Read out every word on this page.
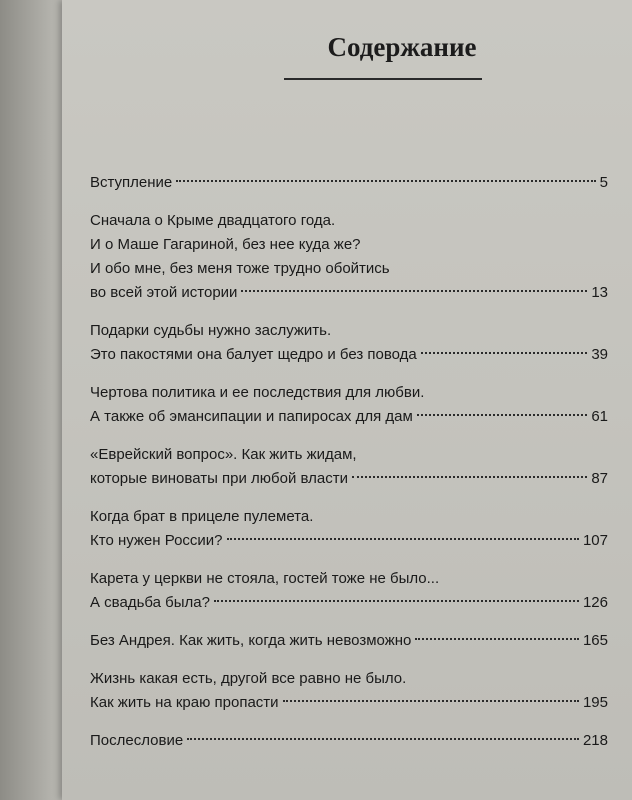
Содержание
Вступление	5
Сначала о Крыме двадцатого года.
И о Маше Гагариной, без нее куда же?
И обо мне, без меня тоже трудно обойтись
во всей этой истории	13
Подарки судьбы нужно заслужить.
Это пакостями она балует щедро и без повода	39
Чертова политика и ее последствия для любви.
А также об эмансипации и папиросах для дам	61
«Еврейский вопрос». Как жить жидам,
которые виноваты при любой власти	87
Когда брат в прицеле пулемета.
Кто нужен России?	107
Карета у церкви не стояла, гостей тоже не было...
А свадьба была?	126
Без Андрея. Как жить, когда жить невозможно	165
Жизнь какая есть, другой все равно не было.
Как жить на краю пропасти	195
Послесловие	218
